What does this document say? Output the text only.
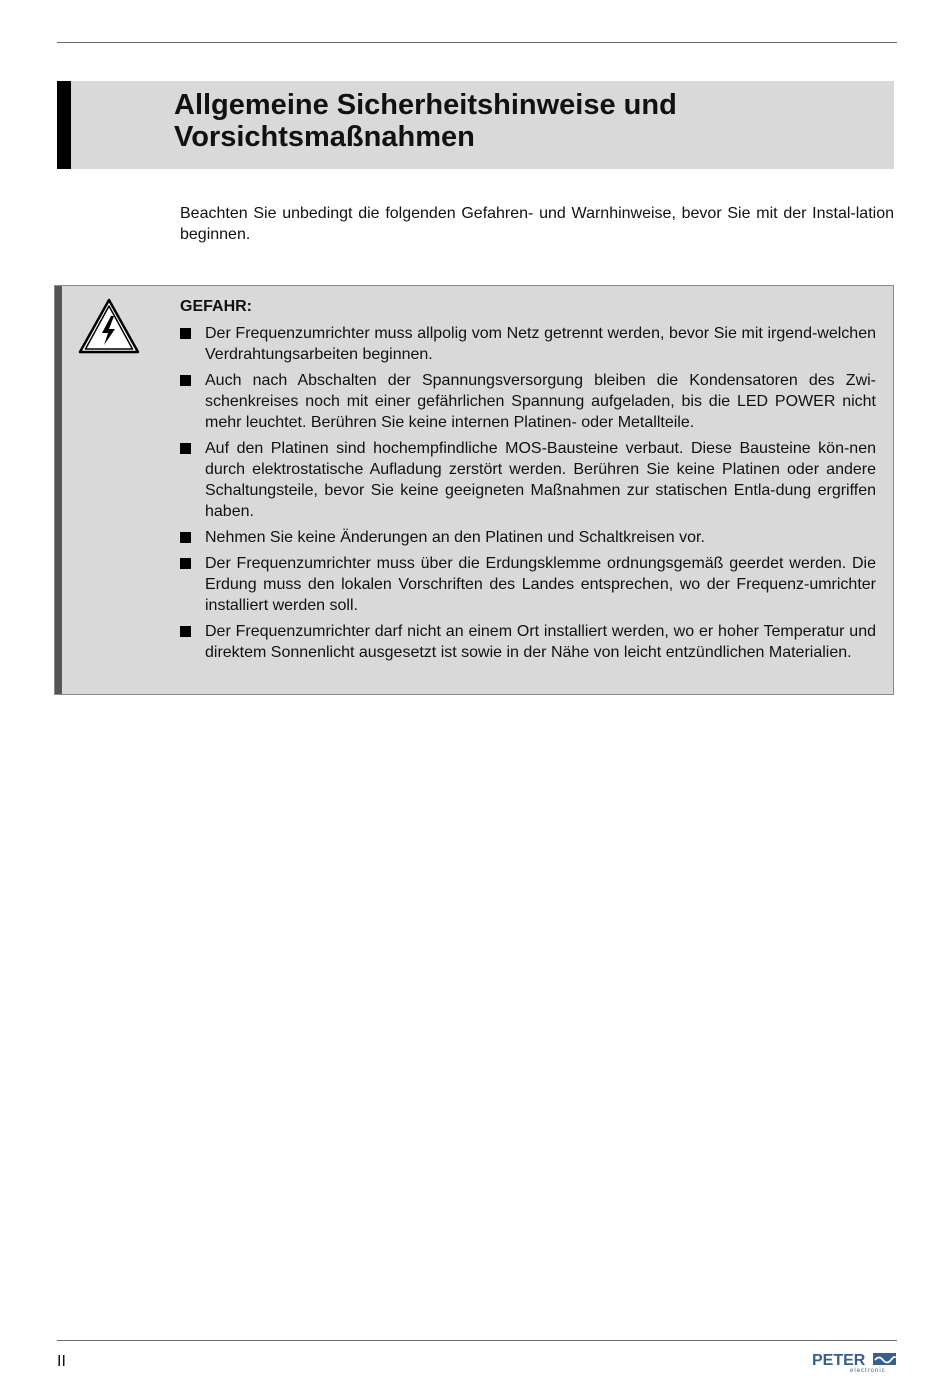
Allgemeine Sicherheitshinweise und
Vorsichtsmaßnahmen

Beachten Sie unbedingt die folgenden Gefahren- und Warnhinweise, bevor Sie mit der Instal-lation beginnen.

GEFAHR:
Der Frequenzumrichter muss allpolig vom Netz getrennt werden, bevor Sie mit irgend-welchen Verdrahtungsarbeiten beginnen.
Auch nach Abschalten der Spannungsversorgung bleiben die Kondensatoren des Zwi-schenkreises noch mit einer gefährlichen Spannung aufgeladen, bis die LED POWER nicht mehr leuchtet. Berühren Sie keine internen Platinen- oder Metallteile.
Auf den Platinen sind hochempfindliche MOS-Bausteine verbaut. Diese Bausteine kön-nen durch elektrostatische Aufladung zerstört werden. Berühren Sie keine Platinen oder andere Schaltungsteile, bevor Sie keine geeigneten Maßnahmen zur statischen Entla-dung ergriffen haben.
Nehmen Sie keine Änderungen an den Platinen und Schaltkreisen vor.
Der Frequenzumrichter muss über die Erdungsklemme ordnungsgemäß geerdet werden. Die Erdung muss den lokalen Vorschriften des Landes entsprechen, wo der Frequenz-umrichter installiert werden soll.
Der Frequenzumrichter darf nicht an einem Ort installiert werden, wo er hoher Temperatur und direktem Sonnenlicht ausgesetzt ist sowie in der Nähe von leicht entzündlichen Materialien.
II	PETER
electronic
